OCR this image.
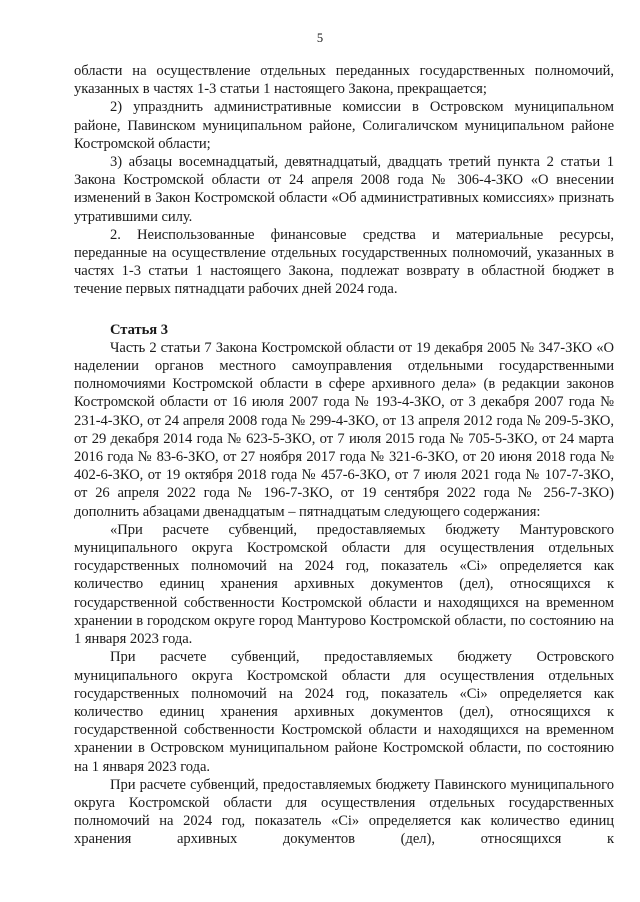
5

области на осуществление отдельных переданных государственных полномочий, указанных в частях 1-3 статьи 1 настоящего Закона, прекращается;

2) упразднить административные комиссии в Островском муниципальном районе, Павинском муниципальном районе, Солигаличском муниципальном районе Костромской области;

3) абзацы восемнадцатый, девятнадцатый, двадцать третий пункта 2 статьи 1 Закона Костромской области от 24 апреля 2008 года № 306-4-ЗКО «О внесении изменений в Закон Костромской области «Об административных комиссиях» признать утратившими силу.

2. Неиспользованные финансовые средства и материальные ресурсы, переданные на осуществление отдельных государственных полномочий, указанных в частях 1-3 статьи 1 настоящего Закона, подлежат возврату в областной бюджет в течение первых пятнадцати рабочих дней 2024 года.

Статья 3

Часть 2 статьи 7 Закона Костромской области от 19 декабря 2005 № 347-ЗКО «О наделении органов местного самоуправления отдельными государственными полномочиями Костромской области в сфере архивного дела» (в редакции законов Костромской области от 16 июля 2007 года № 193-4-ЗКО, от 3 декабря 2007 года № 231-4-ЗКО, от 24 апреля 2008 года № 299-4-ЗКО, от 13 апреля 2012 года № 209-5-ЗКО, от 29 декабря 2014 года № 623-5-ЗКО, от 7 июля 2015 года № 705-5-ЗКО, от 24 марта 2016 года № 83-6-ЗКО, от 27 ноября 2017 года № 321-6-ЗКО, от 20 июня 2018 года № 402-6-ЗКО, от 19 октября 2018 года № 457-6-ЗКО, от 7 июля 2021 года № 107-7-ЗКО, от 26 апреля 2022 года № 196-7-ЗКО, от 19 сентября 2022 года № 256-7-ЗКО) дополнить абзацами двенадцатым – пятнадцатым следующего содержания:

«При расчете субвенций, предоставляемых бюджету Мантуровского муниципального округа Костромской области для осуществления отдельных государственных полномочий на 2024 год, показатель «Ci» определяется как количество единиц хранения архивных документов (дел), относящихся к государственной собственности Костромской области и находящихся на временном хранении в городском округе город Мантурово Костромской области, по состоянию на 1 января 2023 года.

При расчете субвенций, предоставляемых бюджету Островского муниципального округа Костромской области для осуществления отдельных государственных полномочий на 2024 год, показатель «Ci» определяется как количество единиц хранения архивных документов (дел), относящихся к государственной собственности Костромской области и находящихся на временном хранении в Островском муниципальном районе Костромской области, по состоянию на 1 января 2023 года.

При расчете субвенций, предоставляемых бюджету Павинского муниципального округа Костромской области для осуществления отдельных государственных полномочий на 2024 год, показатель «Ci» определяется как количество единиц хранения архивных документов (дел), относящихся к
